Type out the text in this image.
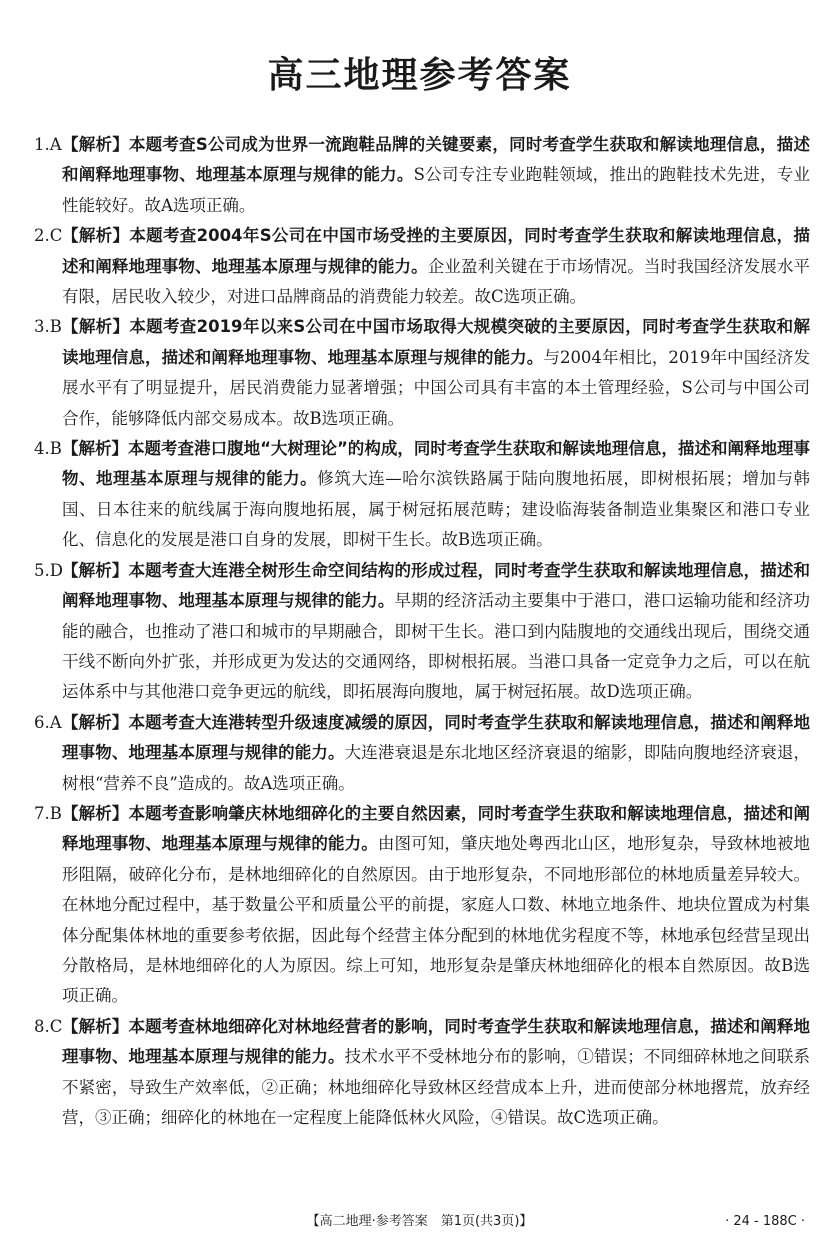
高三地理参考答案
1.A 【解析】本题考查S公司成为世界一流跑鞋品牌的关键要素，同时考查学生获取和解读地理信息，描述和阐释地理事物、地理基本原理与规律的能力。S公司专注专业跑鞋领域，推出的跑鞋技术先进，专业性能较好。故A选项正确。
2.C 【解析】本题考查2004年S公司在中国市场受挫的主要原因，同时考查学生获取和解读地理信息，描述和阐释地理事物、地理基本原理与规律的能力。企业盈利关键在于市场情况。当时我国经济发展水平有限，居民收入较少，对进口品牌商品的消费能力较差。故C选项正确。
3.B 【解析】本题考查2019年以来S公司在中国市场取得大规模突破的主要原因，同时考查学生获取和解读地理信息，描述和阐释地理事物、地理基本原理与规律的能力。与2004年相比，2019年中国经济发展水平有了明显提升，居民消费能力显著增强；中国公司具有丰富的本土管理经验，S公司与中国公司合作，能够降低内部交易成本。故B选项正确。
4.B 【解析】本题考查港口腹地“大树理论”的构成，同时考查学生获取和解读地理信息，描述和阐释地理事物、地理基本原理与规律的能力。修筑大连—哈尔滨铁路属于陆向腹地拓展，即树根拓展；增加与韩国、日本往来的航线属于海向腹地拓展，属于树冠拓展范畴；建设临海装备制造业集聚区和港口专业化、信息化的发展是港口自身的发展，即树干生长。故B选项正确。
5.D 【解析】本题考查大连港全树形生命空间结构的形成过程，同时考查学生获取和解读地理信息，描述和阐释地理事物、地理基本原理与规律的能力。早期的经济活动主要集中于港口，港口运输功能和经济功能的融合，也推动了港口和城市的早期融合，即树干生长。港口到内陆腹地的交通线出现后，围绕交通干线不断向外扩张，并形成更为发达的交通网络，即树根拓展。当港口具备一定竞争力之后，可以在航运体系中与其他港口竞争更远的航线，即拓展海向腹地，属于树冠拓展。故D选项正确。
6.A 【解析】本题考查大连港转型升级速度减缓的原因，同时考查学生获取和解读地理信息，描述和阐释地理事物、地理基本原理与规律的能力。大连港衰退是东北地区经济衰退的缩影，即陆向腹地经济衰退，树根“营养不良”造成的。故A选项正确。
7.B 【解析】本题考查影响肇庆林地细碎化的主要自然因素，同时考查学生获取和解读地理信息，描述和阐释地理事物、地理基本原理与规律的能力。由图可知，肇庆地处粤西北山区，地形复杂，导致林地被地形阻隔，破碎化分布，是林地细碎化的自然原因。由于地形复杂，不同地形部位的林地质量差异较大。在林地分配过程中，基于数量公平和质量公平的前提，家庭人口数、林地立地条件、地块位置成为村集体分配集体林地的重要参考依据，因此每个经营主体分配到的林地优劣程度不等，林地承包经营呈现出分散格局，是林地细碎化的人为原因。综上可知，地形复杂是肇庆林地细碎化的根本自然原因。故B选项正确。
8.C 【解析】本题考查林地细碎化对林地经营者的影响，同时考查学生获取和解读地理信息，描述和阐释地理事物、地理基本原理与规律的能力。技术水平不受林地分布的影响，①错误；不同细碎林地之间联系不紧密，导致生产效率低，②正确；林地细碎化导致林区经营成本上升，进而使部分林地撂荒，放弃经营，③正确；细碎化的林地在一定程度上能降低林火风险，④错误。故C选项正确。
【高二地理·参考答案　第1页(共3页)】	· 24 - 188C ·
